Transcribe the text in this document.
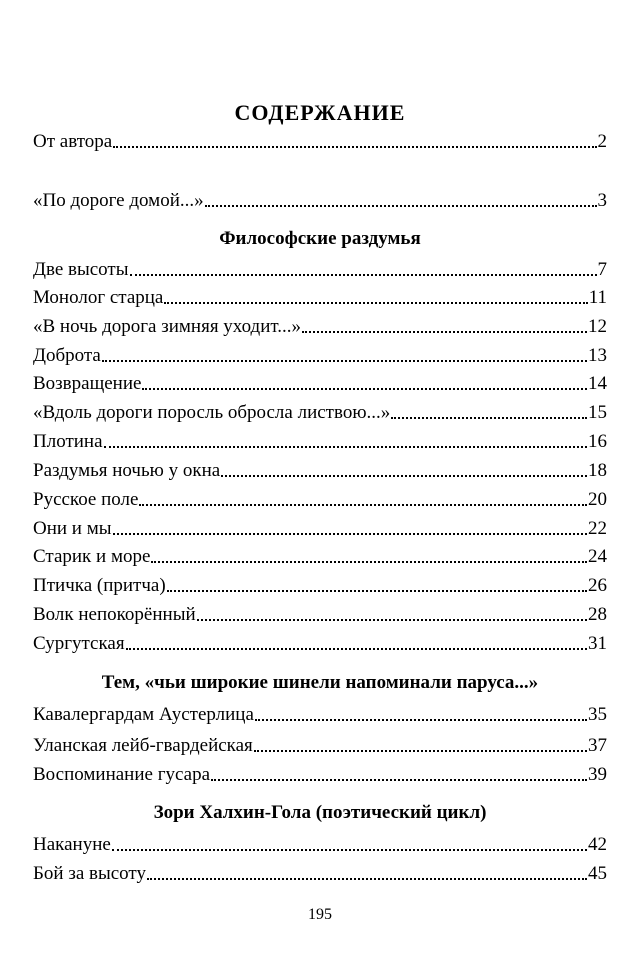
СОДЕРЖАНИЕ
От автора	2
«По дороге домой...»	3
Философские раздумья
Две высоты	7
Монолог старца	11
«В ночь дорога зимняя уходит...»	12
Доброта	13
Возвращение	14
«Вдоль дороги поросль обросла листвою...»	15
Плотина	16
Раздумья ночью у окна	18
Русское поле	20
Они и мы	22
Старик и море	24
Птичка (притча)	26
Волк непокорённый	28
Сургутская	31
Тем, «чьи широкие шинели напоминали паруса...»
Кавалергардам Аустерлица	35
Уланская лейб-гвардейская	37
Воспоминание гусара	39
Зори Халхин-Гола (поэтический цикл)
Накануне	42
Бой за высоту	45
195
